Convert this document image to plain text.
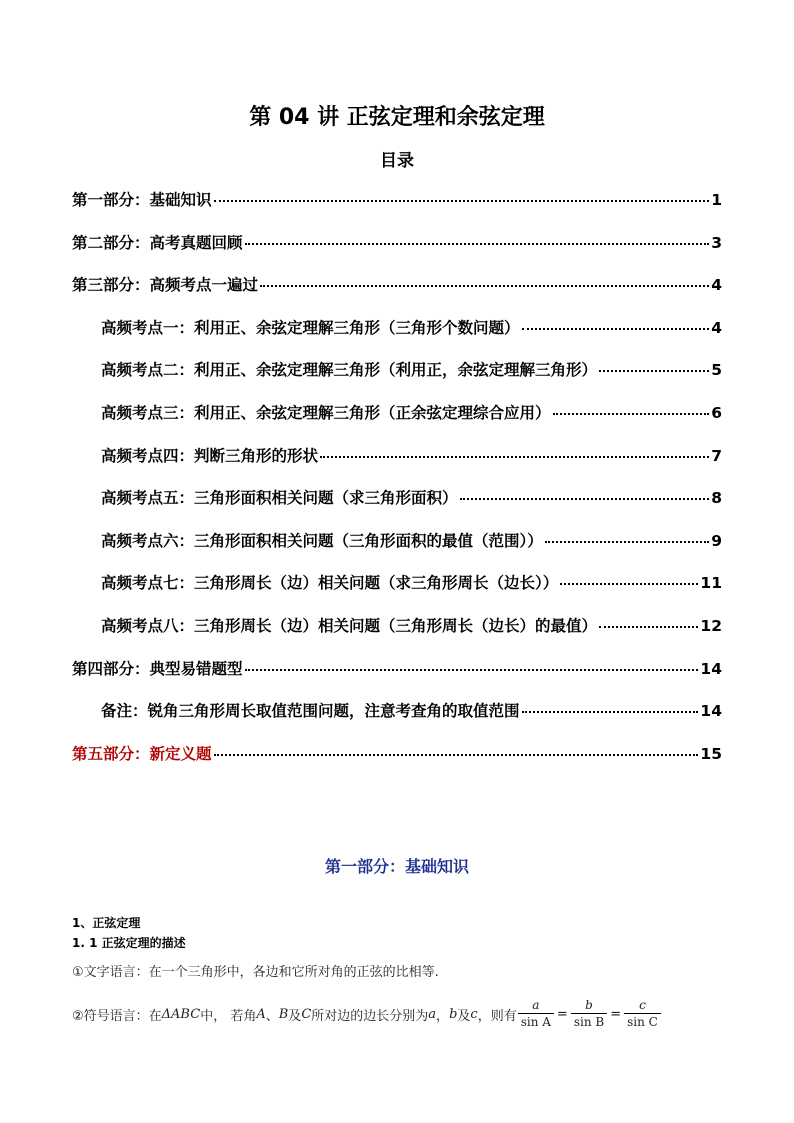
第 04 讲 正弦定理和余弦定理
目录
第一部分：基础知识	1
第二部分：高考真题回顾	3
第三部分：高频考点一遍过	4
高频考点一：利用正、余弦定理解三角形（三角形个数问题）	4
高频考点二：利用正、余弦定理解三角形（利用正，余弦定理解三角形）	5
高频考点三：利用正、余弦定理解三角形（正余弦定理综合应用）	6
高频考点四：判断三角形的形状	7
高频考点五：三角形面积相关问题（求三角形面积）	8
高频考点六：三角形面积相关问题（三角形面积的最值（范围））	9
高频考点七：三角形周长（边）相关问题（求三角形周长（边长））	11
高频考点八：三角形周长（边）相关问题（三角形周长（边长）的最值）	12
第四部分：典型易错题型	14
备注：锐角三角形周长取值范围问题，注意考查角的取值范围	14
第五部分：新定义题	15
第一部分：基础知识
1、正弦定理
1. 1 正弦定理的描述
①文字语言：在一个三角形中，各边和它所对角的正弦的比相等.
②符号语言：在 ΔABC 中， 若角 A 、 B 及 C 所对边的边长分别为 a ， b 及 c ，则有 $\frac{a}{\text{sin A}} = \frac{b}{\text{sin B}} = \frac{c}{\text{sin C}}$
